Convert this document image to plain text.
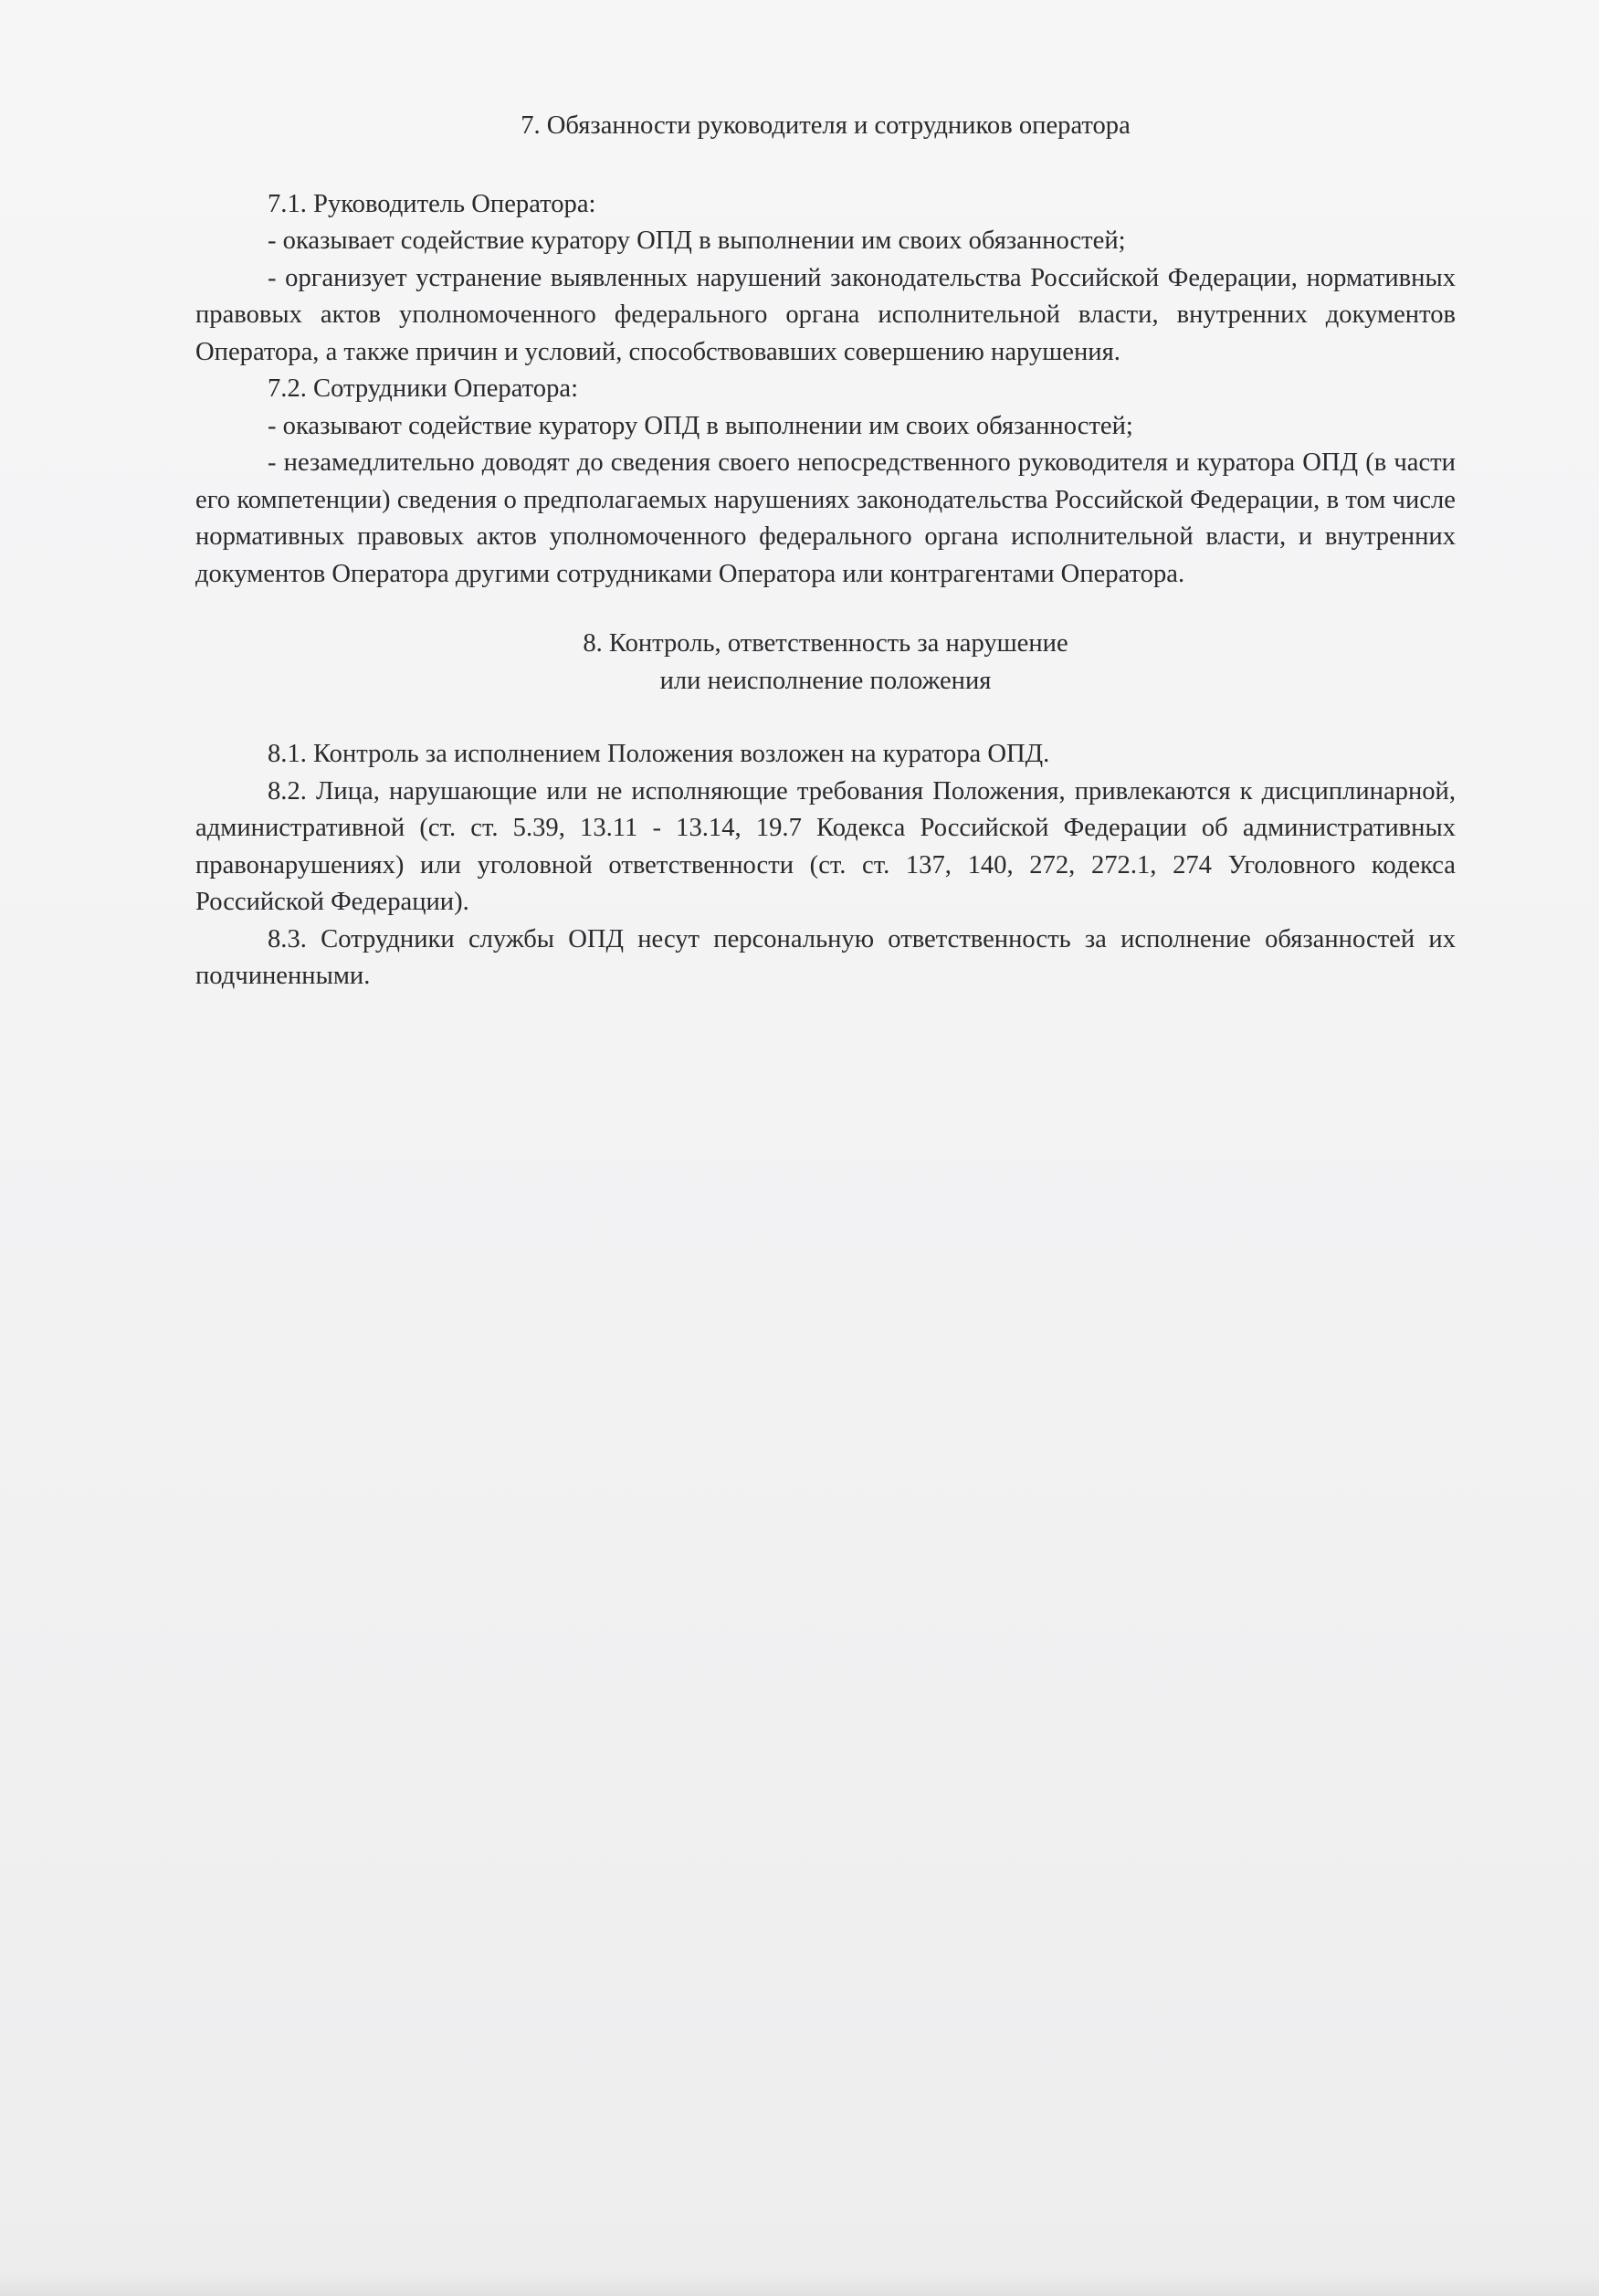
7. Обязанности руководителя и сотрудников оператора

7.1. Руководитель Оператора:

- оказывает содействие куратору ОПД в выполнении им своих обязанностей;

- организует устранение выявленных нарушений законодательства Российской Федерации, нормативных правовых актов уполномоченного федерального органа исполнительной власти, внутренних документов Оператора, а также причин и условий, способствовавших совершению нарушения.

7.2. Сотрудники Оператора:

- оказывают содействие куратору ОПД в выполнении им своих обязанностей;

- незамедлительно доводят до сведения своего непосредственного руководителя и куратора ОПД (в части его компетенции) сведения о предполагаемых нарушениях законодательства Российской Федерации, в том числе нормативных правовых актов уполномоченного федерального органа исполнительной власти, и внутренних документов Оператора другими сотрудниками Оператора или контрагентами Оператора.

8. Контроль, ответственность за нарушение
или неисполнение положения

8.1. Контроль за исполнением Положения возложен на куратора ОПД.

8.2. Лица, нарушающие или не исполняющие требования Положения, привлекаются к дисциплинарной, административной (ст. ст. 5.39, 13.11 - 13.14, 19.7 Кодекса Российской Федерации об административных правонарушениях) или уголовной ответственности (ст. ст. 137, 140, 272, 272.1, 274 Уголовного кодекса Российской Федерации).

8.3. Сотрудники службы ОПД несут персональную ответственность за исполнение обязанностей их подчиненными.
